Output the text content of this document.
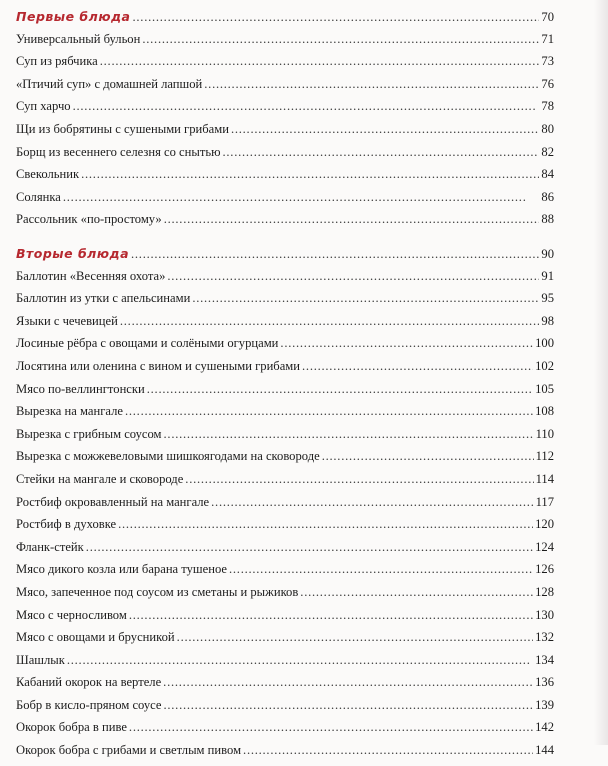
Первые блюда . . .	70
Универсальный бульон . . .	71
Суп из рябчика . . .	73
«Птичий суп» с домашней лапшой . . .	76
Суп харчо . . .	78
Щи из бобрятины с сушеными грибами . . .	80
Борщ из весеннего селезня со снытью . . .	82
Свекольник . . .	84
Солянка . . .	86
Рассольник «по-простому» . . .	88
Вторые блюда . . .	90
Баллотин «Весенняя охота» . . .	91
Баллотин из утки с апельсинами . . .	95
Языки с чечевицей . . .	98
Лосиные рёбра с овощами и солёными огурцами . . .	100
Лосятина или оленина с вином и сушеными грибами . . .	102
Мясо по-веллингтонски . . .	105
Вырезка на мангале . . .	108
Вырезка с грибным соусом . . .	110
Вырезка с можжевеловыми шишкоягодами на сковороде . . .	112
Стейки на мангале и сковороде . . .	114
Ростбиф окровавленный на мангале . . .	117
Ростбиф в духовке . . .	120
Фланк-стейк . . .	124
Мясо дикого козла или барана тушеное . . .	126
Мясо, запеченное под соусом из сметаны и рыжиков . . .	128
Мясо с черносливом . . .	130
Мясо с овощами и брусникой . . .	132
Шашлык . . .	134
Кабаний окорок на вертеле . . .	136
Бобр в кисло-пряном соусе . . .	139
Окорок бобра в пиве . . .	142
Окорок бобра с грибами и светлым пивом . . .	144
